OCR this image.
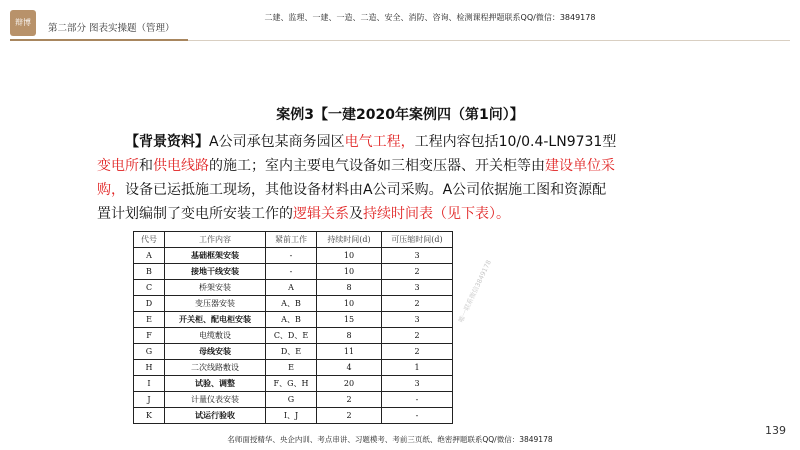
辩博
第二部分 图表实操题（管理）
二建、监理、一建、一造、二造、安全、消防、咨询、检测课程押题联系QQ/微信：3849178
案例3【一建2020年案例四（第1问）】

【背景资料】A公司承包某商务园区电气工程，工程内容包括10/0.4-LN9731型

变电所和供电线路的施工；室内主要电气设备如三相变压器、开关柜等由建设单位采

购，设备已运抵施工现场，其他设备材料由A公司采购。A公司依据施工图和资源配

置计划编制了变电所安装工作的逻辑关系及持续时间表（见下表）。

代号	工作内容	紧前工作	持续时间(d)	可压缩时间(d)
A	基础框架安装	-	10	3
B	接地干线安装	-	10	2
C	桥架安装	A	8	3
D	变压器安装	A、B	10	2
E	开关柜、配电柜安装	A、B	15	3
F	电缆敷设	C、D、E	8	2
G	母线安装	D、E	11	2
H	二次线路敷设	E	4	1
I	试验、调整	F、G、H	20	3
J	计量仪表安装	G	2	-
K	试运行验收	I、J	2	-
唯一联系微信3849178
139
名师面授精华、央企内训、考点串讲、习题模考、考前三页纸、绝密押题联系QQ/微信：3849178
